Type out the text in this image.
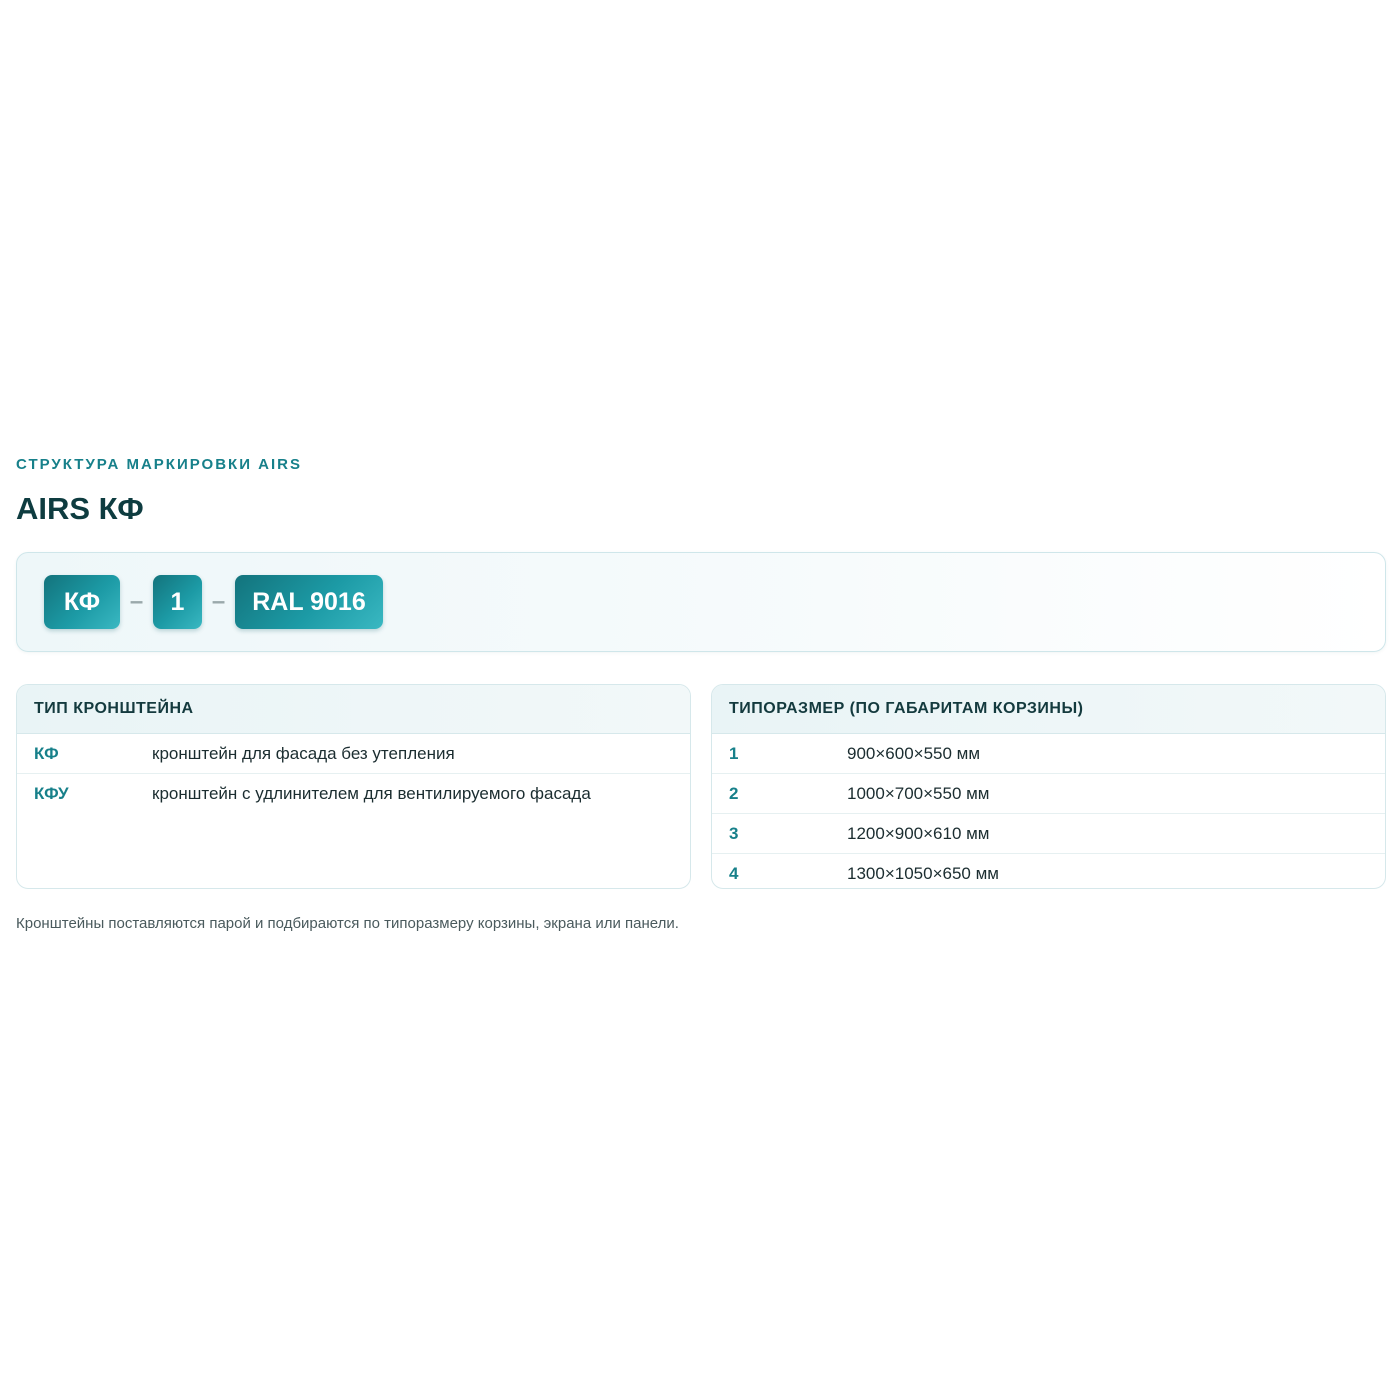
СТРУКТУРА МАРКИРОВКИ AIRS

AIRS КФ
КФ	–	1	–	RAL 9016
ТИП КРОНШТЕЙНА
КФ	кронштейн для фасада без утепления
КФУ	кронштейн с удлинителем для вентилируемого фасада
ТИПОРАЗМЕР (ПО ГАБАРИТАМ КОРЗИНЫ)
1	900×600×550 мм
2	1000×700×550 мм
3	1200×900×610 мм
4	1300×1050×650 мм

Кронштейны поставляются парой и подбираются по типоразмеру корзины, экрана или панели.
